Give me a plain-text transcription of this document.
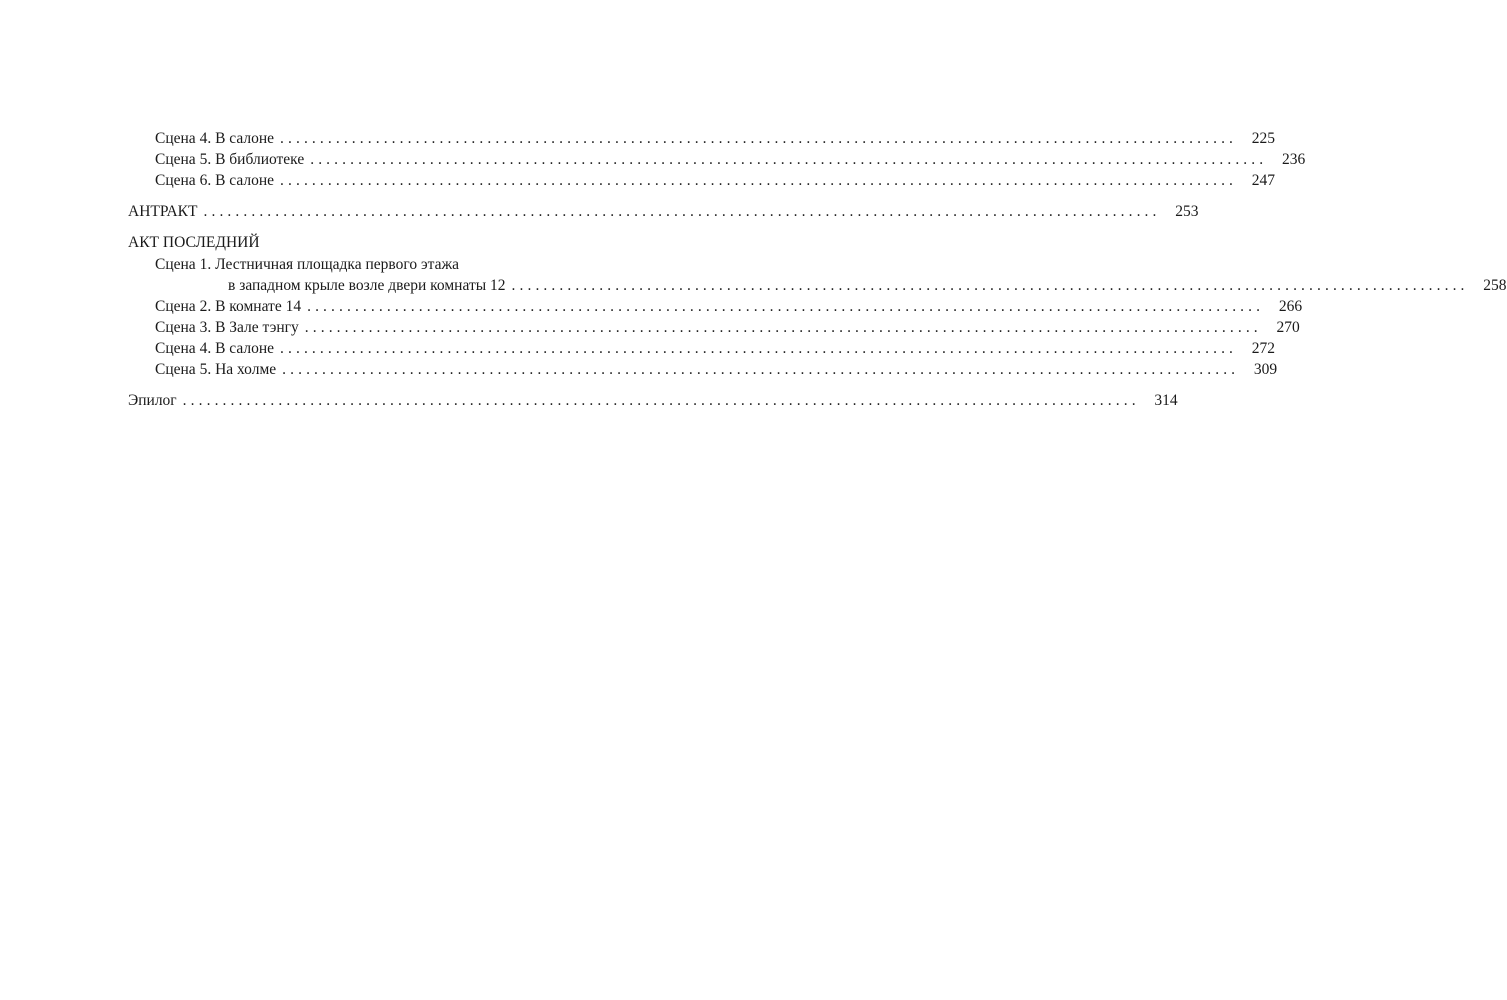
Сцена 4. В салоне ........................................................................................................................ 225
Сцена 5. В библиотеке ........................................................................................................................ 236
Сцена 6. В салоне ........................................................................................................................ 247
АНТРАКТ ........................................................................................................................ 253
АКТ ПОСЛЕДНИЙ
Сцена 1. Лестничная площадка первого этажа
в западном крыле возле двери комнаты 12 ........................................................................................................................ 258
Сцена 2. В комнате 14 ........................................................................................................................ 266
Сцена 3. В Зале тэнгу ........................................................................................................................ 270
Сцена 4. В салоне ........................................................................................................................ 272
Сцена 5. На холме ........................................................................................................................ 309
Эпилог ........................................................................................................................ 314
